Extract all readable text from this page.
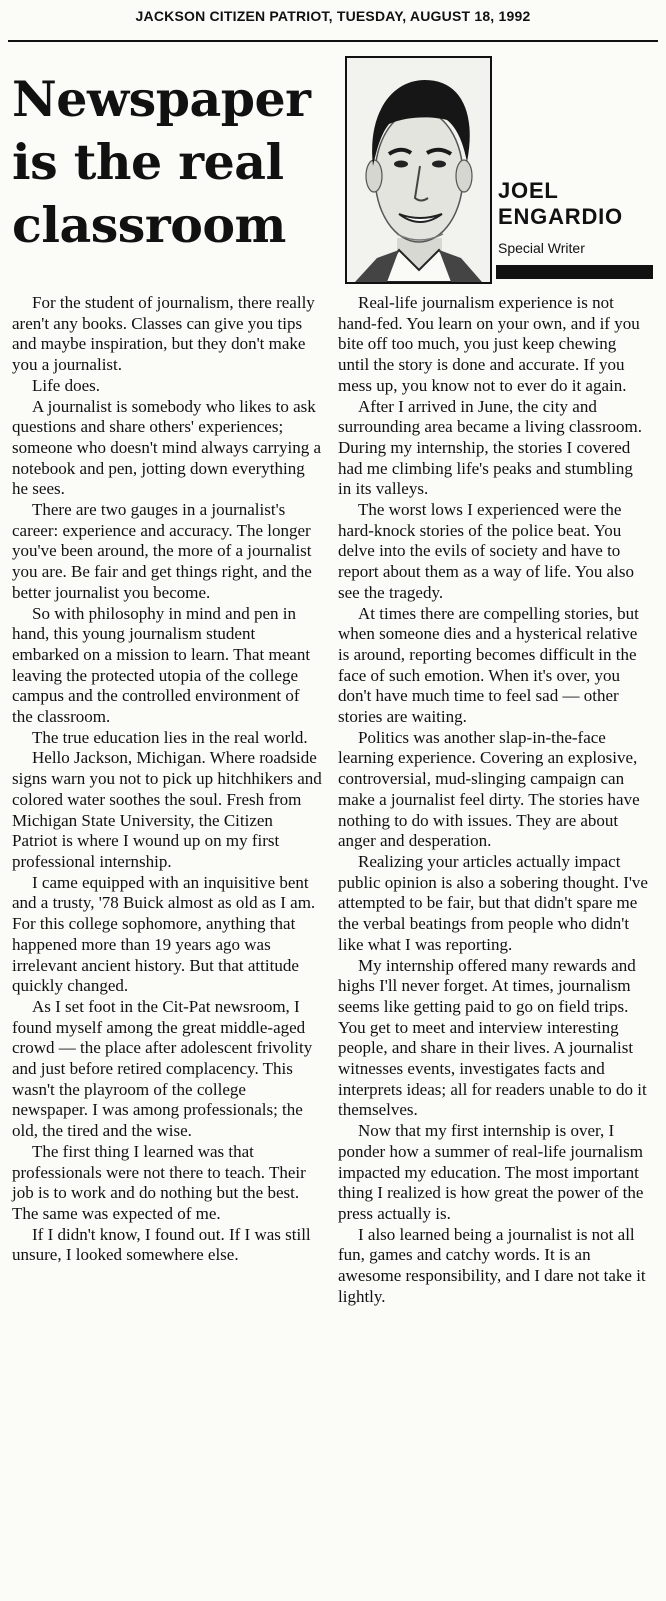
JACKSON CITIZEN PATRIOT, TUESDAY, AUGUST 18, 1992
Newspaper
is the real
classroom
JOEL
ENGARDIO
Special Writer

For the student of journalism, there really aren't any books. Classes can give you tips and maybe inspiration, but they don't make you a journalist.

Life does.

A journalist is somebody who likes to ask questions and share others' experiences; someone who doesn't mind always carrying a notebook and pen, jotting down everything he sees.

There are two gauges in a journalist's career: experience and accuracy. The longer you've been around, the more of a journalist you are. Be fair and get things right, and the better journalist you become.

So with philosophy in mind and pen in hand, this young journalism student embarked on a mission to learn. That meant leaving the protected utopia of the college campus and the controlled environment of the classroom.

The true education lies in the real world.

Hello Jackson, Michigan. Where roadside signs warn you not to pick up hitchhikers and colored water soothes the soul. Fresh from Michigan State University, the Citizen Patriot is where I wound up on my first professional internship.

I came equipped with an inquisitive bent and a trusty, '78 Buick almost as old as I am. For this college sophomore, anything that happened more than 19 years ago was irrelevant ancient history. But that attitude quickly changed.

As I set foot in the Cit-Pat newsroom, I found myself among the great middle-aged crowd — the place after adolescent frivolity and just before retired complacency. This wasn't the playroom of the college newspaper. I was among professionals; the old, the tired and the wise.

The first thing I learned was that professionals were not there to teach. Their job is to work and do nothing but the best. The same was expected of me.

If I didn't know, I found out. If I was still unsure, I looked somewhere else.

Real-life journalism experience is not hand-fed. You learn on your own, and if you bite off too much, you just keep chewing until the story is done and accurate. If you mess up, you know not to ever do it again.

After I arrived in June, the city and surrounding area became a living classroom. During my internship, the stories I covered had me climbing life's peaks and stumbling in its valleys.

The worst lows I experienced were the hard-knock stories of the police beat. You delve into the evils of society and have to report about them as a way of life. You also see the tragedy.

At times there are compelling stories, but when someone dies and a hysterical relative is around, reporting becomes difficult in the face of such emotion. When it's over, you don't have much time to feel sad — other stories are waiting.

Politics was another slap-in-the-face learning experience. Covering an explosive, controversial, mud-slinging campaign can make a journalist feel dirty. The stories have nothing to do with issues. They are about anger and desperation.

Realizing your articles actually impact public opinion is also a sobering thought. I've attempted to be fair, but that didn't spare me the verbal beatings from people who didn't like what I was reporting.

My internship offered many rewards and highs I'll never forget. At times, journalism seems like getting paid to go on field trips. You get to meet and interview interesting people, and share in their lives. A journalist witnesses events, investigates facts and interprets ideas; all for readers unable to do it themselves.

Now that my first internship is over, I ponder how a summer of real-life journalism impacted my education. The most important thing I realized is how great the power of the press actually is.

I also learned being a journalist is not all fun, games and catchy words. It is an awesome responsibility, and I dare not take it lightly.
